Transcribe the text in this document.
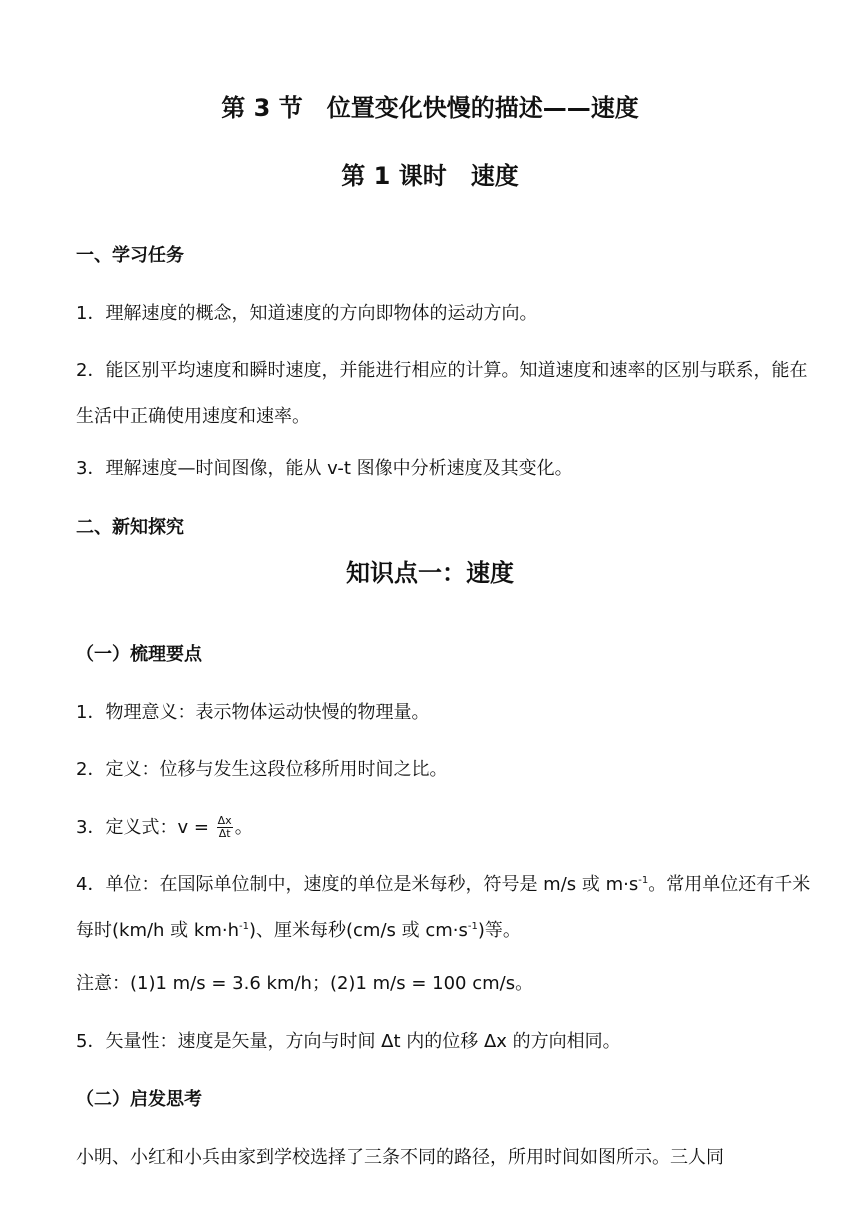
第 3 节　位置变化快慢的描述——速度
第 1 课时　速度
一、学习任务

1．理解速度的概念，知道速度的方向即物体的运动方向。

2．能区别平均速度和瞬时速度，并能进行相应的计算。知道速度和速率的区别与联系，能在生活中正确使用速度和速率。

3．理解速度—时间图像，能从 v-t 图像中分析速度及其变化。

二、新知探究
知识点一：速度
（一）梳理要点

1．物理意义：表示物体运动快慢的物理量。

2．定义：位移与发生这段位移所用时间之比。

3．定义式：$v = \frac{\Delta x}{\Delta t}$ 。

4．单位：在国际单位制中，速度的单位是米每秒，符号是 m/s 或 $m\cdot s^{-1}$。常用单位还有千米每时(km/h 或 $km\cdot h^{-1}$)、厘米每秒(cm/s 或 $cm\cdot s^{-1}$)等。

注意：(1)1 m/s = 3.6 km/h；(2)1 m/s = 100 cm/s。

5．矢量性：速度是矢量，方向与时间 Δt 内的位移 Δx 的方向相同。

（二）启发思考

小明、小红和小兵由家到学校选择了三条不同的路径，所用时间如图所示。三人同
